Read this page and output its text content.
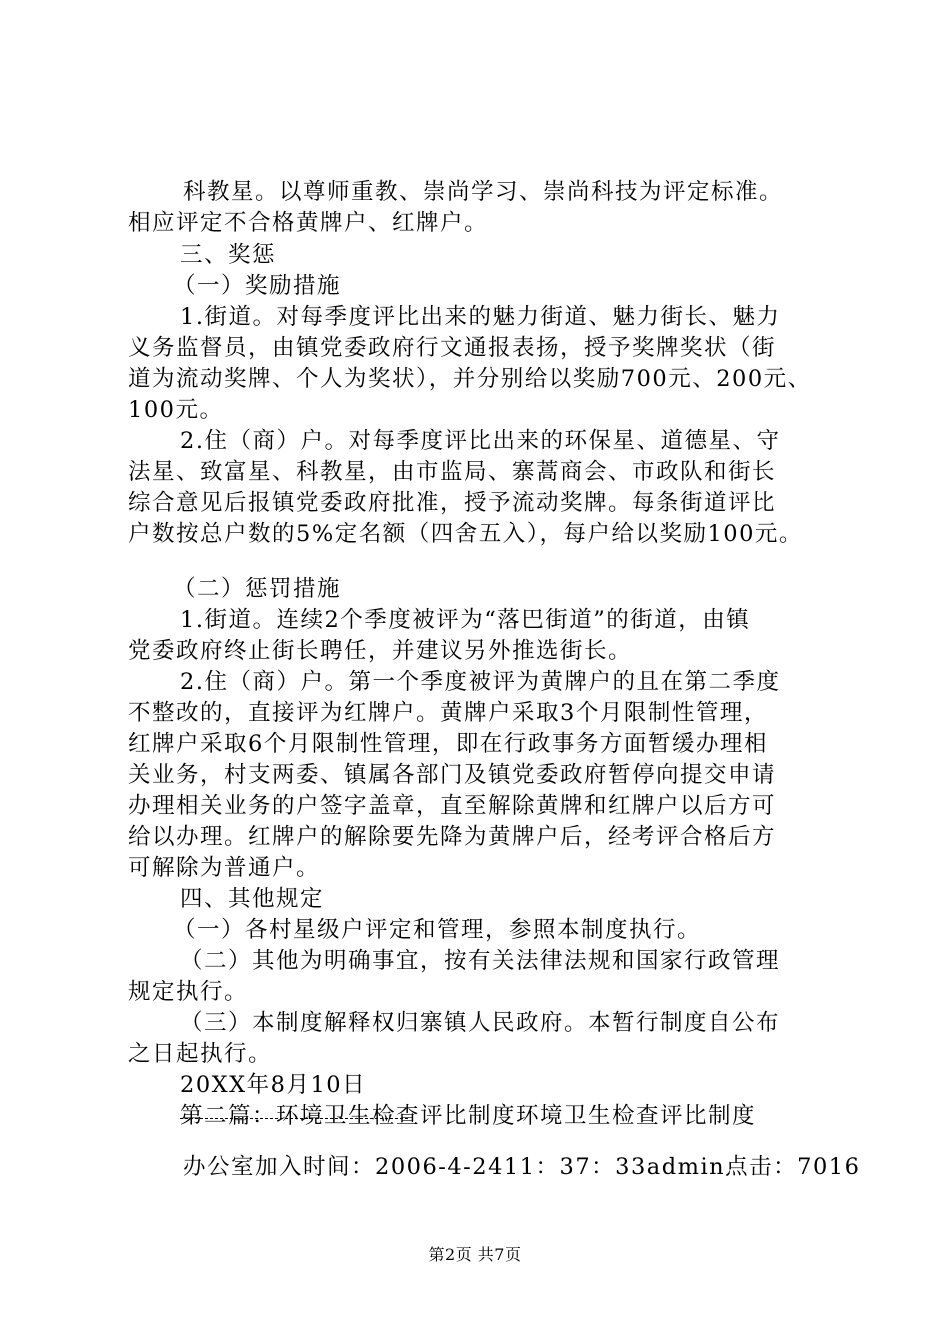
科教星。以尊师重教、崇尚学习、崇尚科技为评定标准。
相应评定不合格黄牌户、红牌户。
三、奖惩
（一）奖励措施
1.街道。对每季度评比出来的魅力街道、魅力街长、魅力
义务监督员，由镇党委政府行文通报表扬，授予奖牌奖状（街
道为流动奖牌、个人为奖状），并分别给以奖励700元、200元、
100元。
2.住（商）户。对每季度评比出来的环保星、道德星、守
法星、致富星、科教星，由市监局、寨蒿商会、市政队和街长
综合意见后报镇党委政府批准，授予流动奖牌。每条街道评比
户数按总户数的5%定名额（四舍五入），每户给以奖励100元。
（二）惩罚措施
1.街道。连续2个季度被评为“落巴街道”的街道，由镇
党委政府终止街长聘任，并建议另外推选街长。
2.住（商）户。第一个季度被评为黄牌户的且在第二季度
不整改的，直接评为红牌户。黄牌户采取3个月限制性管理，
红牌户采取6个月限制性管理，即在行政事务方面暂缓办理相
关业务，村支两委、镇属各部门及镇党委政府暂停向提交申请
办理相关业务的户签字盖章，直至解除黄牌和红牌户以后方可
给以办理。红牌户的解除要先降为黄牌户后，经考评合格后方
可解除为普通户。
四、其他规定
（一）各村星级户评定和管理，参照本制度执行。
（二）其他为明确事宜，按有关法律法规和国家行政管理
规定执行。
（三）本制度解释权归寨镇人民政府。本暂行制度自公布
之日起执行。
20XX年8月10日
第二篇：环境卫生检查评比制度环境卫生检查评比制度
办公室加入时间：2006-4-2411：37：33admin点击：7016
第2页 共7页
